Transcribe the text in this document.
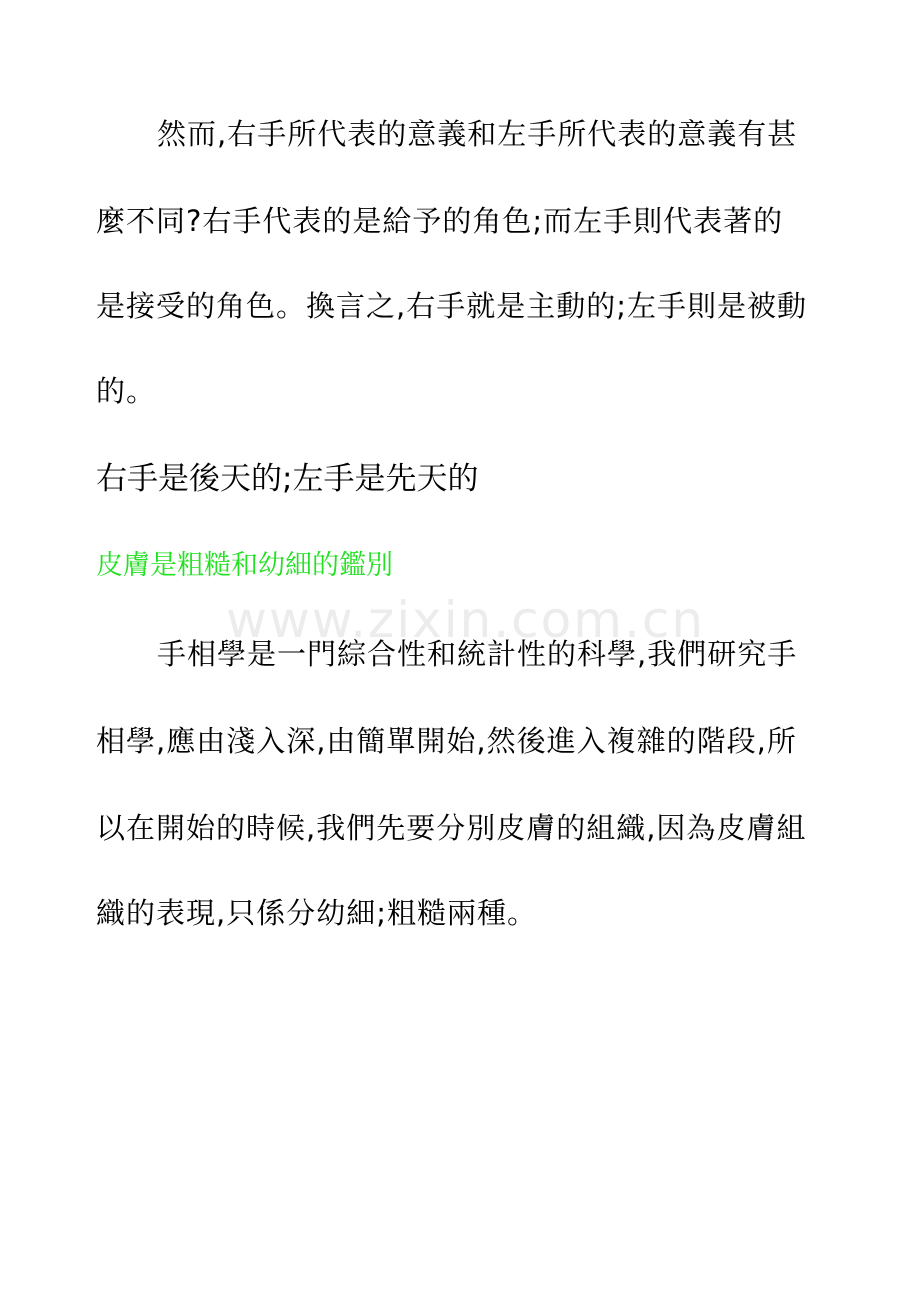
然而,右手所代表的意義和左手所代表的意義有甚
麼不同?右手代表的是給予的角色;而左手則代表著的
是接受的角色。換言之,右手就是主動的;左手則是被動
的。
右手是後天的;左手是先天的
皮膚是粗糙和幼細的鑑別
www.zixin.com.cn
手相學是一門綜合性和統計性的科學,我們研究手
相學,應由淺入深,由簡單開始,然後進入複雜的階段,所
以在開始的時候,我們先要分別皮膚的組織,因為皮膚組
織的表現,只係分幼細;粗糙兩種。
